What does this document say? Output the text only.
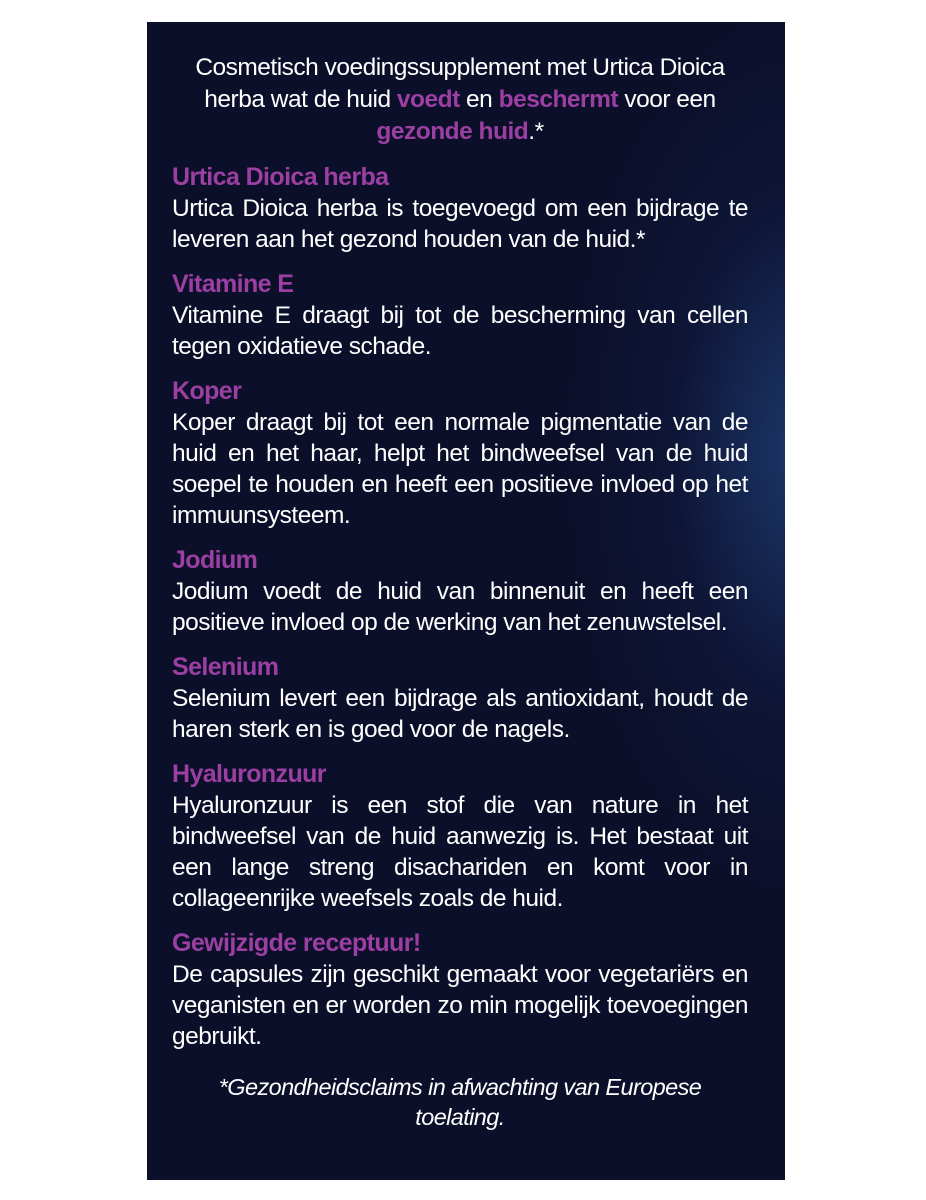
Cosmetisch voedingssupplement met Urtica Dioica herba wat de huid voedt en beschermt voor een gezonde huid.*

Urtica Dioica herba
Urtica Dioica herba is toegevoegd om een bijdrage te leveren aan het gezond houden van de huid.*
Vitamine E
Vitamine E draagt bij tot de bescherming van cellen tegen oxidatieve schade.
Koper
Koper draagt bij tot een normale pigmentatie van de huid en het haar, helpt het bindweefsel van de huid soepel te houden en heeft een positieve invloed op het immuunsysteem.
Jodium
Jodium voedt de huid van binnenuit en heeft een positieve invloed op de werking van het zenuwstelsel.
Selenium
Selenium levert een bijdrage als antioxidant, houdt de haren sterk en is goed voor de nagels.
Hyaluronzuur
Hyaluronzuur is een stof die van nature in het bindweefsel van de huid aanwezig is. Het bestaat uit een lange streng disachariden en komt voor in collageenrijke weefsels zoals de huid.
Gewijzigde receptuur!
De capsules zijn geschikt gemaakt voor vegetariërs en veganisten en er worden zo min mogelijk toevoegingen gebruikt.

*Gezondheidsclaims in afwachting van Europese toelating.
